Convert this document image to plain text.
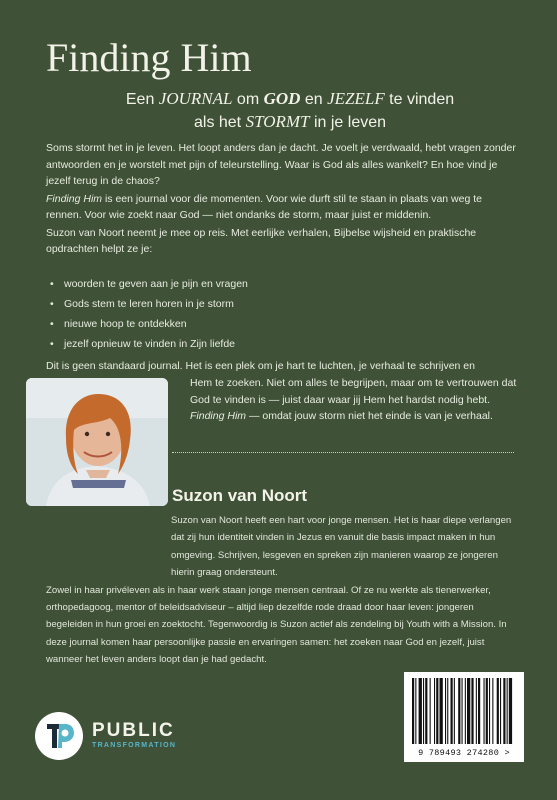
Finding Him
Een JOURNAL om GOD en JEZELF te vinden
als het STORMT in je leven

Soms stormt het in je leven. Het loopt anders dan je dacht. Je voelt je verdwaald, hebt vragen zonder antwoorden en je worstelt met pijn of teleurstelling. Waar is God als alles wankelt? En hoe vind je jezelf terug in de chaos?

Finding Him is een journal voor die momenten. Voor wie durft stil te staan in plaats van weg te rennen. Voor wie zoekt naar God — niet ondanks de storm, maar juist er middenin.

Suzon van Noort neemt je mee op reis. Met eerlijke verhalen, Bijbelse wijsheid en praktische opdrachten helpt ze je:

• woorden te geven aan je pijn en vragen
• Gods stem te leren horen in je storm
• nieuwe hoop te ontdekken
• jezelf opnieuw te vinden in Zijn liefde
Dit is geen standaard journal. Het is een plek om je hart te luchten, je verhaal te schrijven en
Hem te zoeken. Niet om alles te begrijpen, maar om te vertrouwen dat God te vinden is — juist daar waar jij Hem het hardst nodig hebt.
Finding Him — omdat jouw storm niet het einde is van je verhaal.
Suzon van Noort
Suzon van Noort heeft een hart voor jonge mensen. Het is haar diepe verlangen dat zij hun identiteit vinden in Jezus en vanuit die basis impact maken in hun omgeving. Schrijven, lesgeven en spreken zijn manieren waarop ze jongeren hierin graag ondersteunt.
Zowel in haar privéleven als in haar werk staan jonge mensen centraal. Of ze nu werkte als tienerwerker, orthopedagoog, mentor of beleidsadviseur – altijd liep dezelfde rode draad door haar leven: jongeren begeleiden in hun groei en zoektocht. Tegenwoordig is Suzon actief als zendeling bij Youth with a Mission. In deze journal komen haar persoonlijke passie en ervaringen samen: het zoeken naar God en jezelf, juist wanneer het leven anders loopt dan je had gedacht.
PUBLIC
TRANSFORMATION
9 789493 274280 >
